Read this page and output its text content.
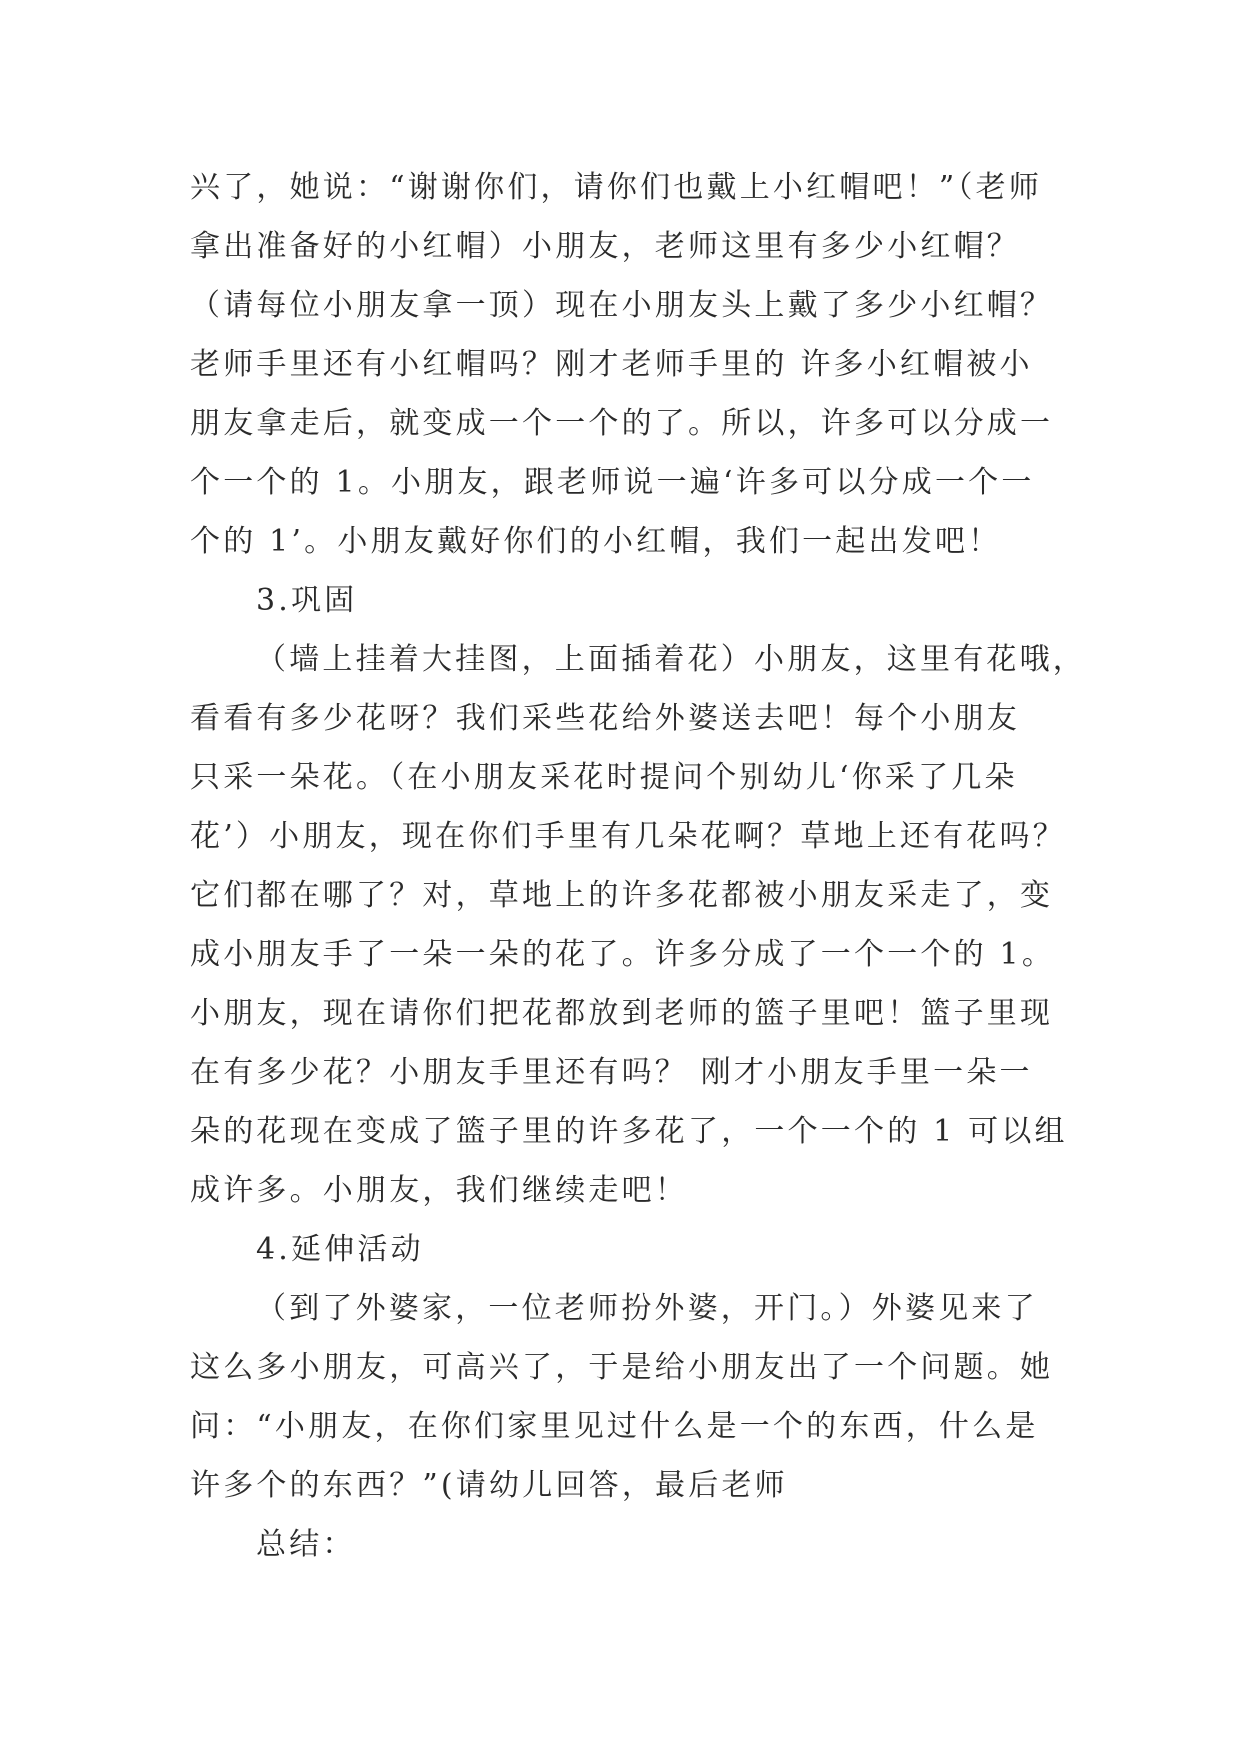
兴了，她说：“谢谢你们，请你们也戴上小红帽吧！”（老师
拿出准备好的小红帽）小朋友，老师这里有多少小红帽？
（请每位小朋友拿一顶）现在小朋友头上戴了多少小红帽？
老师手里还有小红帽吗？刚才老师手里的 许多小红帽被小
朋友拿走后，就变成一个一个的了。所以，许多可以分成一
个一个的 1。小朋友，跟老师说一遍‘许多可以分成一个一
个的 1’。小朋友戴好你们的小红帽，我们一起出发吧！
3.巩固
（墙上挂着大挂图，上面插着花）小朋友，这里有花哦，
看看有多少花呀？我们采些花给外婆送去吧！每个小朋友
只采一朵花。（在小朋友采花时提问个别幼儿‘你采了几朵
花’）小朋友，现在你们手里有几朵花啊？草地上还有花吗？
它们都在哪了？对，草地上的许多花都被小朋友采走了，变
成小朋友手了一朵一朵的花了。许多分成了一个一个的 1。
小朋友，现在请你们把花都放到老师的篮子里吧！篮子里现
在有多少花？小朋友手里还有吗？ 刚才小朋友手里一朵一
朵的花现在变成了篮子里的许多花了，一个一个的 1 可以组
成许多。小朋友，我们继续走吧！
4.延伸活动
（到了外婆家，一位老师扮外婆，开门。）外婆见来了
这么多小朋友，可高兴了，于是给小朋友出了一个问题。她
问：“小朋友，在你们家里见过什么是一个的东西，什么是
许多个的东西？”(请幼儿回答，最后老师
总结：
